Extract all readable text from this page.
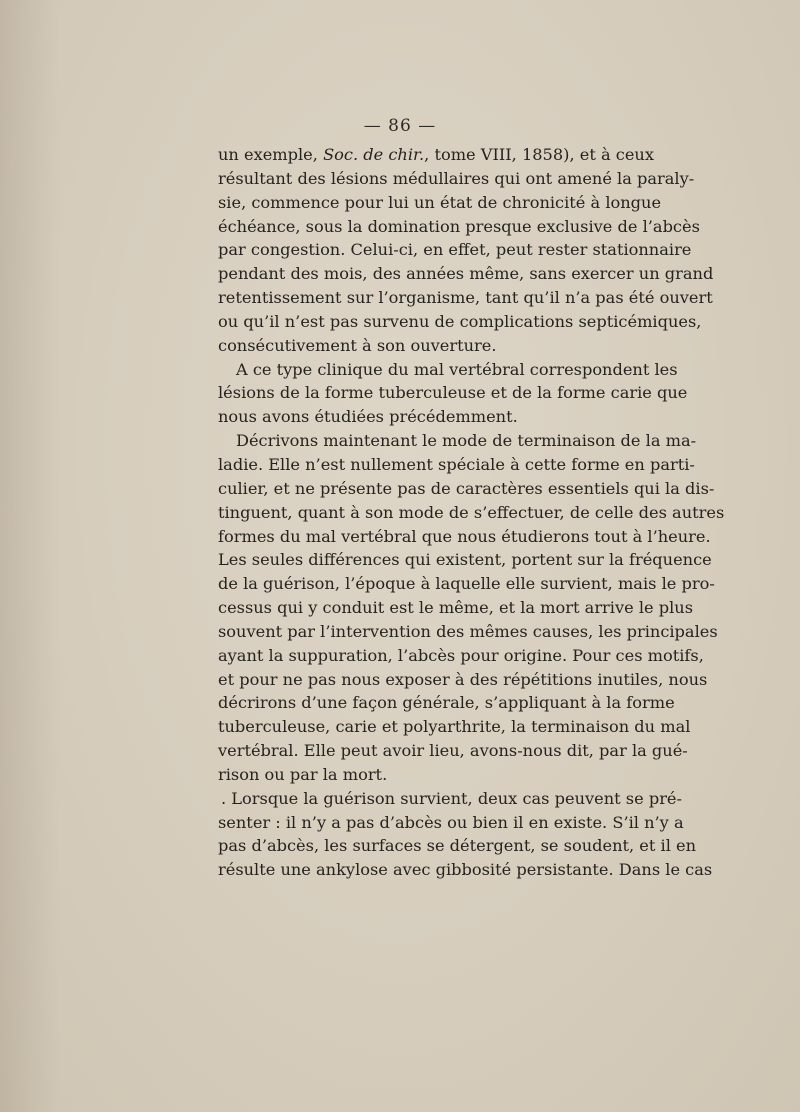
— 86 —
un exemple, Soc. de chir., tome VIII, 1858), et à ceux
résultant des lésions médullaires qui ont amené la paraly-
sie, commence pour lui un état de chronicité à longue
échéance, sous la domination presque exclusive de l’abcès
par congestion. Celui-ci, en effet, peut rester stationnaire
pendant des mois, des années même, sans exercer un grand
retentissement sur l’organisme, tant qu’il n’a pas été ouvert
ou qu’il n’est pas survenu de complications septicémiques,
consécutivement à son ouverture.
A ce type clinique du mal vertébral correspondent les
lésions de la forme tuberculeuse et de la forme carie que
nous avons étudiées précédemment.
Décrivons maintenant le mode de terminaison de la ma-
ladie. Elle n’est nullement spéciale à cette forme en parti-
culier, et ne présente pas de caractères essentiels qui la dis-
tinguent, quant à son mode de s’effectuer, de celle des autres
formes du mal vertébral que nous étudierons tout à l’heure.
Les seules différences qui existent, portent sur la fréquence
de la guérison, l’époque à laquelle elle survient, mais le pro-
cessus qui y conduit est le même, et la mort arrive le plus
souvent par l’intervention des mêmes causes, les principales
ayant la suppuration, l’abcès pour origine. Pour ces motifs,
et pour ne pas nous exposer à des répétitions inutiles, nous
décrirons d’une façon générale, s’appliquant à la forme
tuberculeuse, carie et polyarthrite, la terminaison du mal
vertébral. Elle peut avoir lieu, avons-nous dit, par la gué-
rison ou par la mort.
. Lorsque la guérison survient, deux cas peuvent se pré-
senter : il n’y a pas d’abcès ou bien il en existe. S’il n’y a
pas d’abcès, les surfaces se détergent, se soudent, et il en
résulte une ankylose avec gibbosité persistante. Dans le cas
